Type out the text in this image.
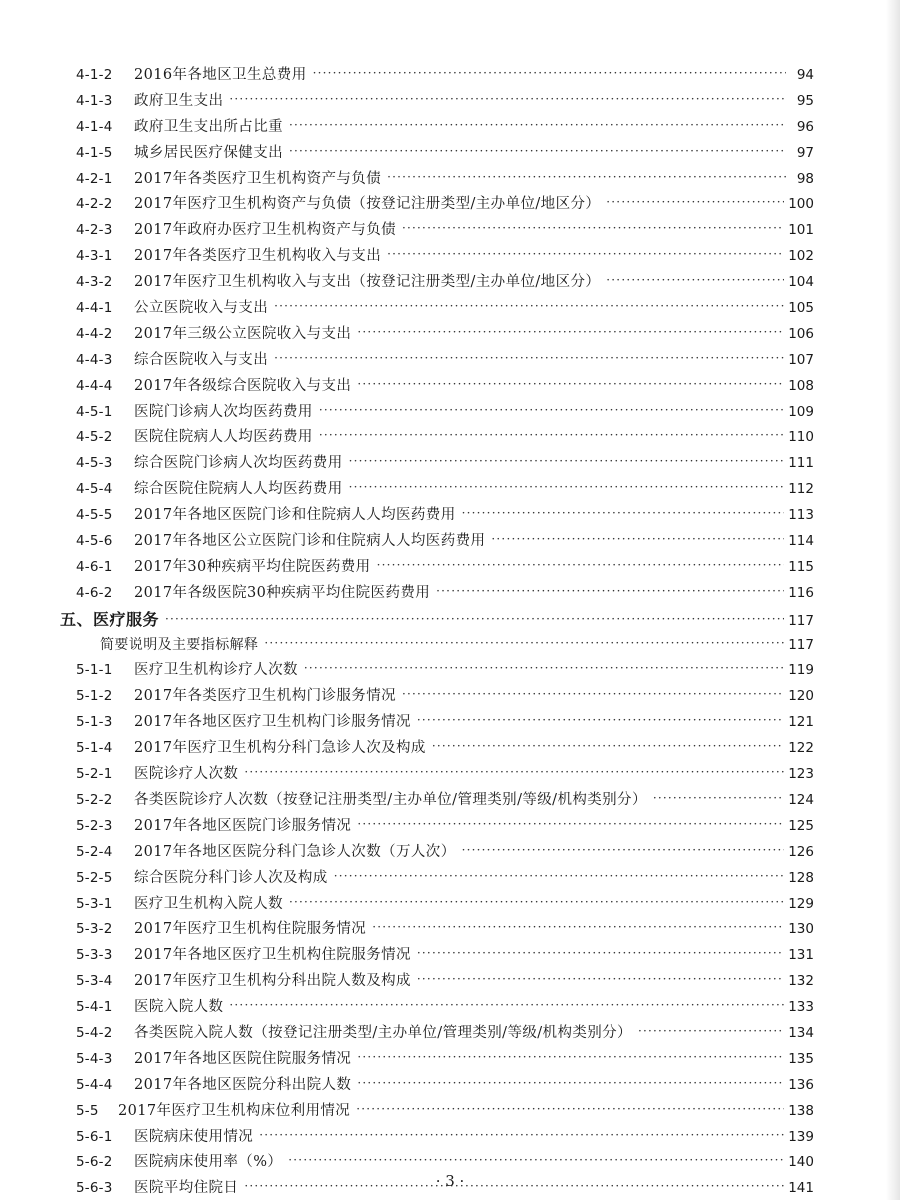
4-1-2	2016年各地区卫生总费用 ·····	94
4-1-3	政府卫生支出 ·····	95
4-1-4	政府卫生支出所占比重 ·····	96
4-1-5	城乡居民医疗保健支出 ·····	97
4-2-1	2017年各类医疗卫生机构资产与负债 ·····	98
4-2-2	2017年医疗卫生机构资产与负债（按登记注册类型/主办单位/地区分） ·····	100
4-2-3	2017年政府办医疗卫生机构资产与负债 ·····	101
4-3-1	2017年各类医疗卫生机构收入与支出 ·····	102
4-3-2	2017年医疗卫生机构收入与支出（按登记注册类型/主办单位/地区分） ·····	104
4-4-1	公立医院收入与支出 ·····	105
4-4-2	2017年三级公立医院收入与支出 ·····	106
4-4-3	综合医院收入与支出 ·····	107
4-4-4	2017年各级综合医院收入与支出 ·····	108
4-5-1	医院门诊病人次均医药费用 ·····	109
4-5-2	医院住院病人人均医药费用 ·····	110
4-5-3	综合医院门诊病人次均医药费用 ·····	111
4-5-4	综合医院住院病人人均医药费用 ·····	112
4-5-5	2017年各地区医院门诊和住院病人人均医药费用 ·····	113
4-5-6	2017年各地区公立医院门诊和住院病人人均医药费用 ·····	114
4-6-1	2017年30种疾病平均住院医药费用 ·····	115
4-6-2	2017年各级医院30种疾病平均住院医药费用 ·····	116
五、医疗服务 ·····	117
简要说明及主要指标解释 ·····	117
5-1-1	医疗卫生机构诊疗人次数 ·····	119
5-1-2	2017年各类医疗卫生机构门诊服务情况 ·····	120
5-1-3	2017年各地区医疗卫生机构门诊服务情况 ·····	121
5-1-4	2017年医疗卫生机构分科门急诊人次及构成 ·····	122
5-2-1	医院诊疗人次数 ·····	123
5-2-2	各类医院诊疗人次数（按登记注册类型/主办单位/管理类别/等级/机构类别分） ·····	124
5-2-3	2017年各地区医院门诊服务情况 ·····	125
5-2-4	2017年各地区医院分科门急诊人次数（万人次） ·····	126
5-2-5	综合医院分科门诊人次及构成 ·····	128
5-3-1	医疗卫生机构入院人数 ·····	129
5-3-2	2017年医疗卫生机构住院服务情况 ·····	130
5-3-3	2017年各地区医疗卫生机构住院服务情况 ·····	131
5-3-4	2017年医疗卫生机构分科出院人数及构成 ·····	132
5-4-1	医院入院人数 ·····	133
5-4-2	各类医院入院人数（按登记注册类型/主办单位/管理类别/等级/机构类别分） ·····	134
5-4-3	2017年各地区医院住院服务情况 ·····	135
5-4-4	2017年各地区医院分科出院人数 ·····	136
5-5	2017年医疗卫生机构床位利用情况 ·····	138
5-6-1	医院病床使用情况 ·····	139
5-6-2	医院病床使用率（%） ·····	140
5-6-3	医院平均住院日 ·····	141
· 3 ·
